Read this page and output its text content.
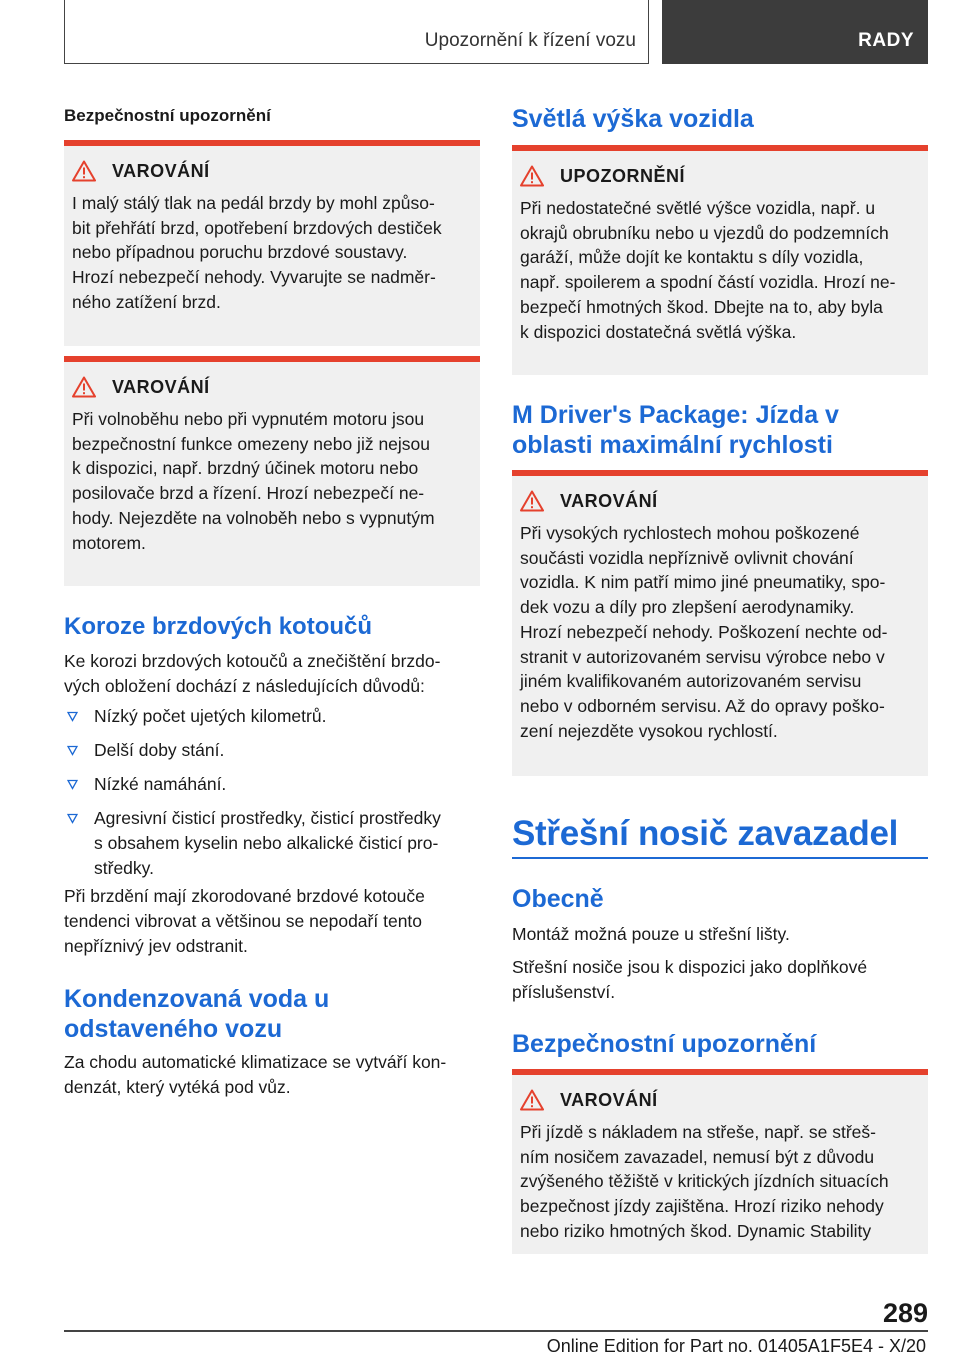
Upozornění k řízení vozu	RADY
Bezpečnostní upozornění
VAROVÁNÍ
I malý stálý tlak na pedál brzdy by mohl způso-
bit přehřátí brzd, opotřebení brzdových destiček
nebo případnou poruchu brzdové soustavy.
Hrozí nebezpečí nehody. Vyvarujte se nadměr-
ného zatížení brzd.
VAROVÁNÍ
Při volnoběhu nebo při vypnutém motoru jsou
bezpečnostní funkce omezeny nebo již nejsou
k dispozici, např. brzdný účinek motoru nebo
posilovače brzd a řízení. Hrozí nebezpečí ne-
hody. Nejezděte na volnoběh nebo s vypnutým
motorem.
Koroze brzdových kotoučů
Ke korozi brzdových kotoučů a znečištění brzdo-
vých obložení dochází z následujících důvodů:
Nízký počet ujetých kilometrů.
Delší doby stání.
Nízké namáhání.
Agresivní čisticí prostředky, čisticí prostředky
s obsahem kyselin nebo alkalické čisticí pro-
středky.
Při brzdění mají zkorodované brzdové kotouče
tendenci vibrovat a většinou se nepodaří tento
nepříznivý jev odstranit.
Kondenzovaná voda u
odstaveného vozu
Za chodu automatické klimatizace se vytváří kon-
denzát, který vytéká pod vůz.
Světlá výška vozidla
UPOZORNĚNÍ
Při nedostatečné světlé výšce vozidla, např. u
okrajů obrubníku nebo u vjezdů do podzemních
garáží, může dojít ke kontaktu s díly vozidla,
např. spoilerem a spodní částí vozidla. Hrozí ne-
bezpečí hmotných škod. Dbejte na to, aby byla
k dispozici dostatečná světlá výška.
M Driver's Package: Jízda v
oblasti maximální rychlosti
VAROVÁNÍ
Při vysokých rychlostech mohou poškozené
součásti vozidla nepříznivě ovlivnit chování
vozidla. K nim patří mimo jiné pneumatiky, spo-
dek vozu a díly pro zlepšení aerodynamiky.
Hrozí nebezpečí nehody. Poškození nechte od-
stranit v autorizovaném servisu výrobce nebo v
jiném kvalifikovaném autorizovaném servisu
nebo v odborném servisu. Až do opravy poško-
zení nejezděte vysokou rychlostí.
Střešní nosič zavazadel
Obecně
Montáž možná pouze u střešní lišty.
Střešní nosiče jsou k dispozici jako doplňkové
příslušenství.
Bezpečnostní upozornění
VAROVÁNÍ
Při jízdě s nákladem na střeše, např. se střeš-
ním nosičem zavazadel, nemusí být z důvodu
zvýšeného těžiště v kritických jízdních situacích
bezpečnost jízdy zajištěna. Hrozí riziko nehody
nebo riziko hmotných škod. Dynamic Stability
289
Online Edition for Part no. 01405A1F5E4 - X/20
